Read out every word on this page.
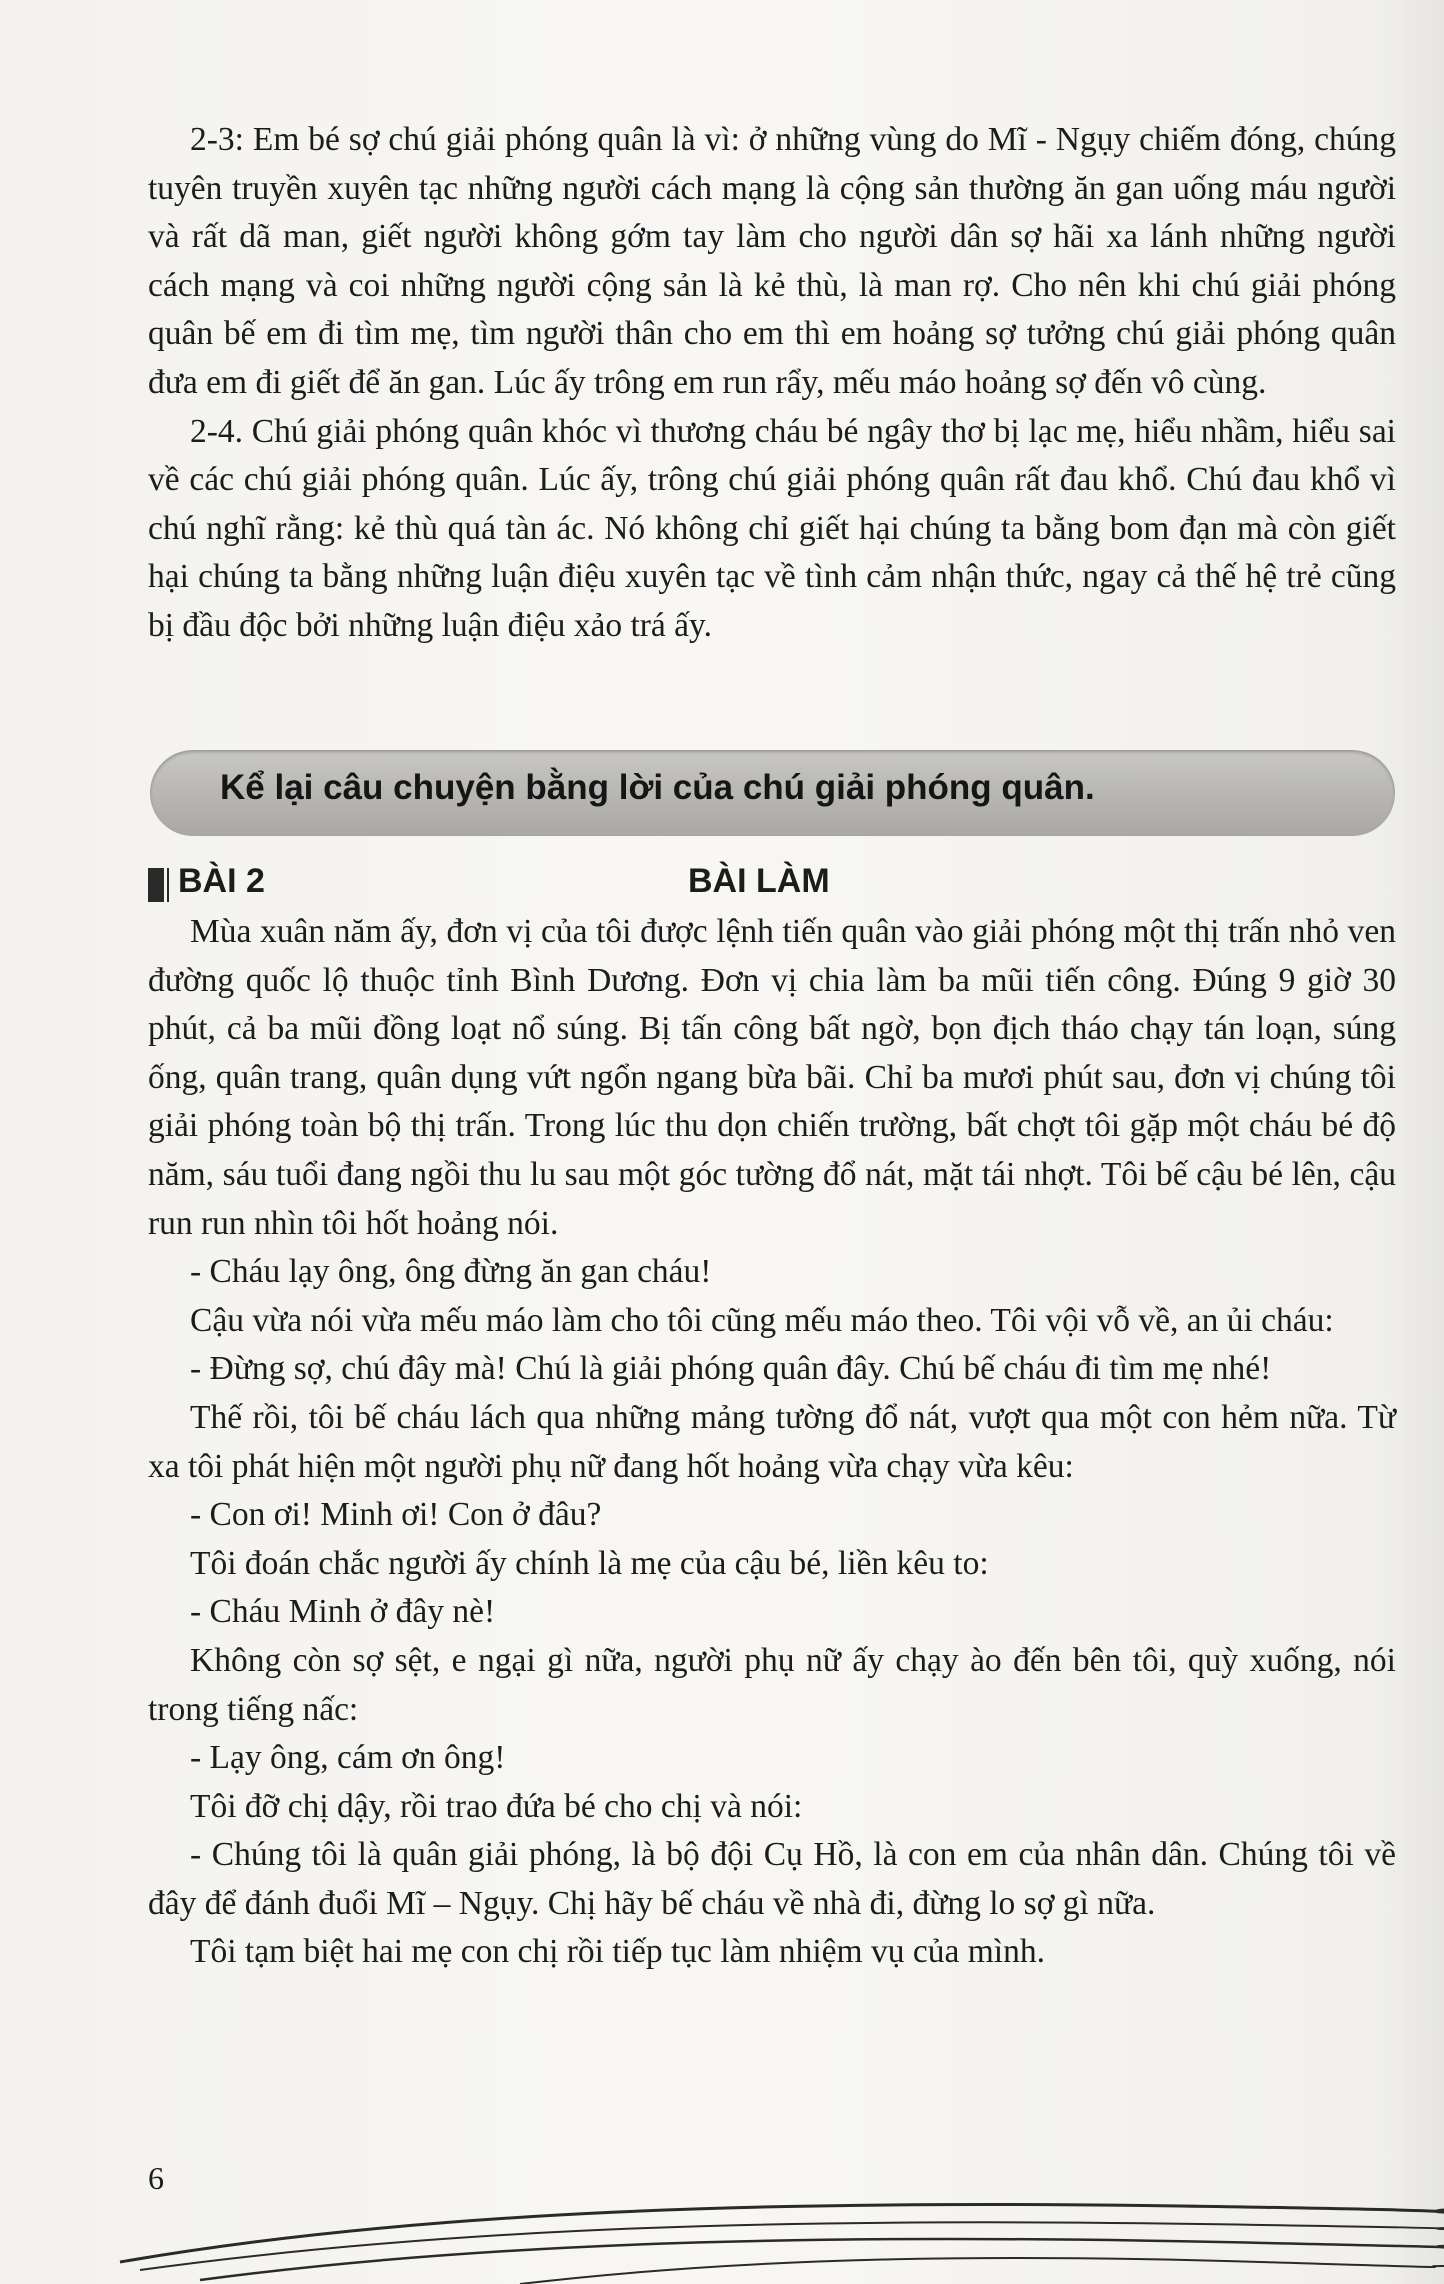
2-3: Em bé sợ chú giải phóng quân là vì: ở những vùng do Mĩ - Ngụy chiếm đóng, chúng tuyên truyền xuyên tạc những người cách mạng là cộng sản thường ăn gan uống máu người và rất dã man, giết người không gớm tay làm cho người dân sợ hãi xa lánh những người cách mạng và coi những người cộng sản là kẻ thù, là man rợ. Cho nên khi chú giải phóng quân bế em đi tìm mẹ, tìm người thân cho em thì em hoảng sợ tưởng chú giải phóng quân đưa em đi giết để ăn gan. Lúc ấy trông em run rẩy, mếu máo hoảng sợ đến vô cùng.

2-4. Chú giải phóng quân khóc vì thương cháu bé ngây thơ bị lạc mẹ, hiểu nhầm, hiểu sai về các chú giải phóng quân. Lúc ấy, trông chú giải phóng quân rất đau khổ. Chú đau khổ vì chú nghĩ rằng: kẻ thù quá tàn ác. Nó không chỉ giết hại chúng ta bằng bom đạn mà còn giết hại chúng ta bằng những luận điệu xuyên tạc về tình cảm nhận thức, ngay cả thế hệ trẻ cũng bị đầu độc bởi những luận điệu xảo trá ấy.

Kể lại câu chuyện bằng lời của chú giải phóng quân.
BÀI 2	BÀI LÀM

Mùa xuân năm ấy, đơn vị của tôi được lệnh tiến quân vào giải phóng một thị trấn nhỏ ven đường quốc lộ thuộc tỉnh Bình Dương. Đơn vị chia làm ba mũi tiến công. Đúng 9 giờ 30 phút, cả ba mũi đồng loạt nổ súng. Bị tấn công bất ngờ, bọn địch tháo chạy tán loạn, súng ống, quân trang, quân dụng vứt ngổn ngang bừa bãi. Chỉ ba mươi phút sau, đơn vị chúng tôi giải phóng toàn bộ thị trấn. Trong lúc thu dọn chiến trường, bất chợt tôi gặp một cháu bé độ năm, sáu tuổi đang ngồi thu lu sau một góc tường đổ nát, mặt tái nhợt. Tôi bế cậu bé lên, cậu run run nhìn tôi hốt hoảng nói.

- Cháu lạy ông, ông đừng ăn gan cháu!

Cậu vừa nói vừa mếu máo làm cho tôi cũng mếu máo theo. Tôi vội vỗ về, an ủi cháu:

- Đừng sợ, chú đây mà! Chú là giải phóng quân đây. Chú bế cháu đi tìm mẹ nhé!

Thế rồi, tôi bế cháu lách qua những mảng tường đổ nát, vượt qua một con hẻm nữa. Từ xa tôi phát hiện một người phụ nữ đang hốt hoảng vừa chạy vừa kêu:

- Con ơi! Minh ơi! Con ở đâu?

Tôi đoán chắc người ấy chính là mẹ của cậu bé, liền kêu to:

- Cháu Minh ở đây nè!

Không còn sợ sệt, e ngại gì nữa, người phụ nữ ấy chạy ào đến bên tôi, quỳ xuống, nói trong tiếng nấc:

- Lạy ông, cám ơn ông!

Tôi đỡ chị dậy, rồi trao đứa bé cho chị và nói:

- Chúng tôi là quân giải phóng, là bộ đội Cụ Hồ, là con em của nhân dân. Chúng tôi về đây để đánh đuổi Mĩ – Ngụy. Chị hãy bế cháu về nhà đi, đừng lo sợ gì nữa.

Tôi tạm biệt hai mẹ con chị rồi tiếp tục làm nhiệm vụ của mình.

6
